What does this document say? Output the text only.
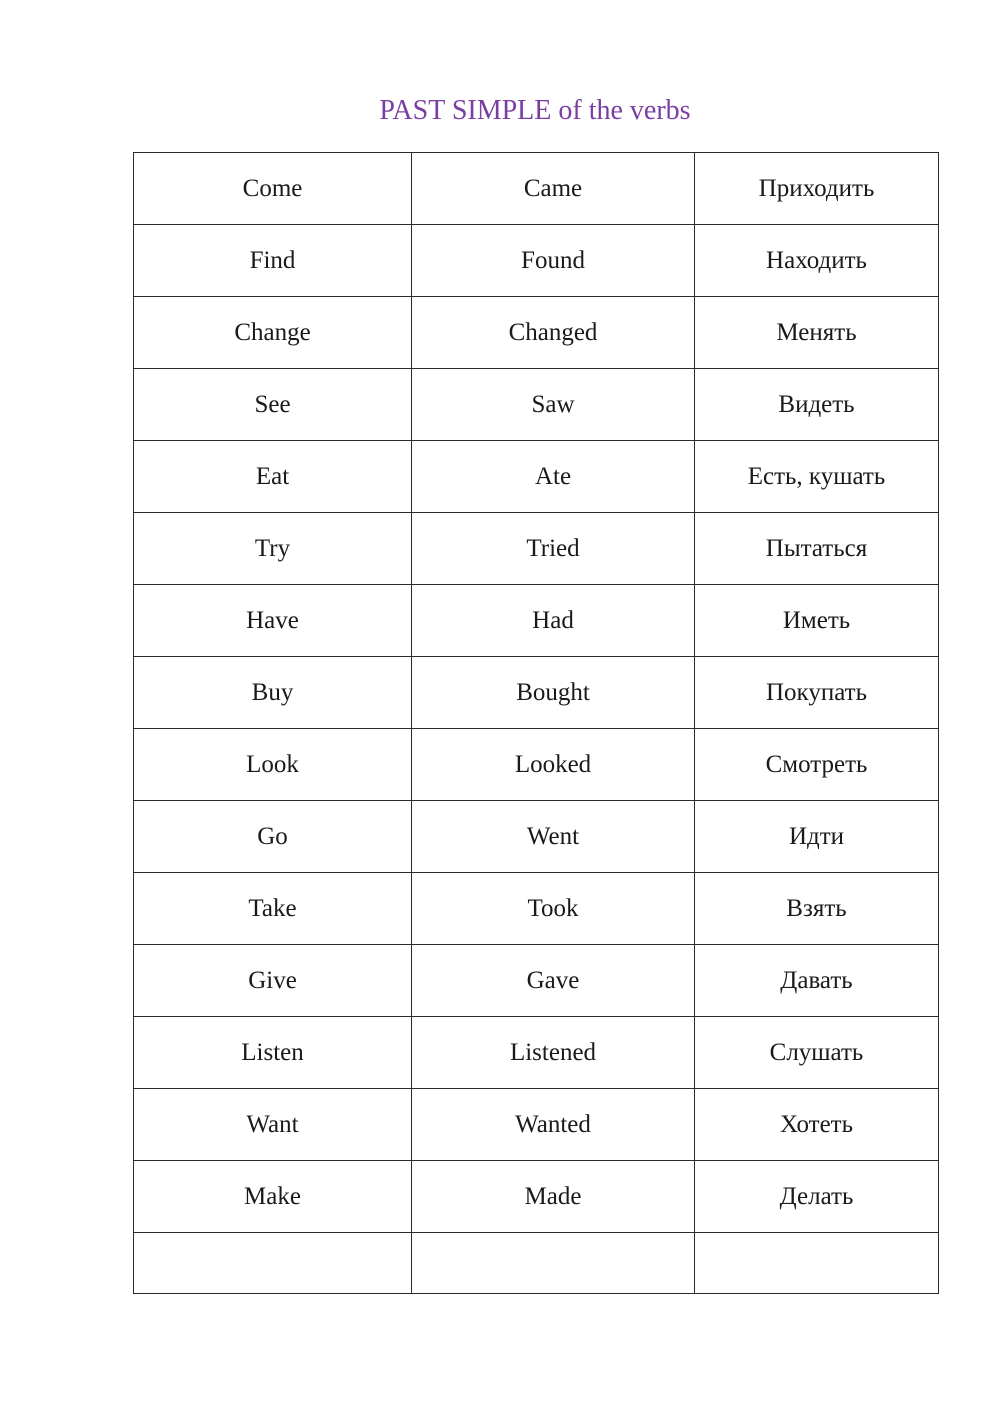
PAST SIMPLE of the verbs
Come	Came	Приходить
Find	Found	Находить
Change	Changed	Менять
See	Saw	Видеть
Eat	Ate	Есть, кушать
Try	Tried	Пытаться
Have	Had	Иметь
Buy	Bought	Покупать
Look	Looked	Смотреть
Go	Went	Идти
Take	Took	Взять
Give	Gave	Давать
Listen	Listened	Слушать
Want	Wanted	Хотеть
Make	Made	Делать
